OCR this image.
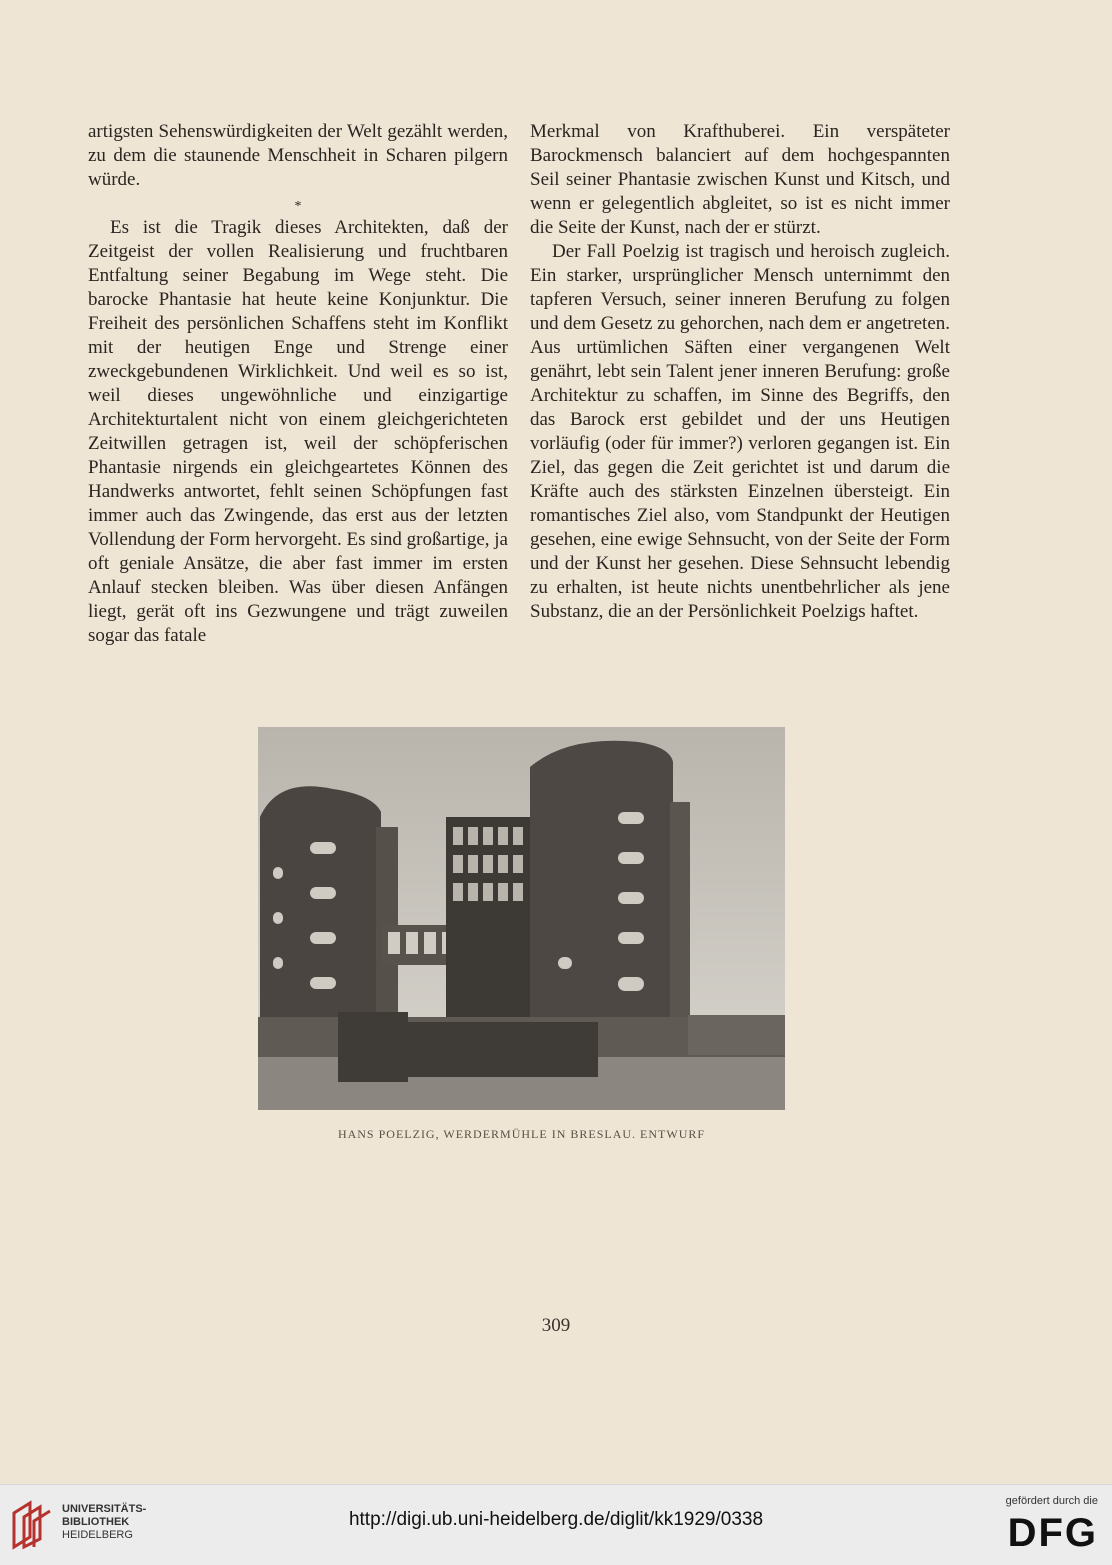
artigsten Sehenswürdigkeiten der Welt gezählt werden, zu dem die staunende Menschheit in Scharen pilgern würde.

*

Es ist die Tragik dieses Architekten, daß der Zeitgeist der vollen Realisierung und fruchtbaren Entfaltung seiner Begabung im Wege steht. Die barocke Phantasie hat heute keine Konjunktur. Die Freiheit des persönlichen Schaffens steht im Konflikt mit der heutigen Enge und Strenge einer zweckgebundenen Wirklichkeit. Und weil es so ist, weil dieses ungewöhnliche und einzigartige Architekturtalent nicht von einem gleichgerichteten Zeitwillen getragen ist, weil der schöpferischen Phantasie nirgends ein gleichgeartetes Können des Handwerks antwortet, fehlt seinen Schöpfungen fast immer auch das Zwingende, das erst aus der letzten Vollendung der Form hervorgeht. Es sind großartige, ja oft geniale Ansätze, die aber fast immer im ersten Anlauf stecken bleiben. Was über diesen Anfängen liegt, gerät oft ins Gezwungene und trägt zuweilen sogar das fatale

Merkmal von Krafthuberei. Ein verspäteter Barockmensch balanciert auf dem hochgespannten Seil seiner Phantasie zwischen Kunst und Kitsch, und wenn er gelegentlich abgleitet, so ist es nicht immer die Seite der Kunst, nach der er stürzt.

Der Fall Poelzig ist tragisch und heroisch zugleich. Ein starker, ursprünglicher Mensch unternimmt den tapferen Versuch, seiner inneren Berufung zu folgen und dem Gesetz zu gehorchen, nach dem er angetreten. Aus urtümlichen Säften einer vergangenen Welt genährt, lebt sein Talent jener inneren Berufung: große Architektur zu schaffen, im Sinne des Begriffs, den das Barock erst gebildet und der uns Heutigen vorläufig (oder für immer?) verloren gegangen ist. Ein Ziel, das gegen die Zeit gerichtet ist und darum die Kräfte auch des stärksten Einzelnen übersteigt. Ein romantisches Ziel also, vom Standpunkt der Heutigen gesehen, eine ewige Sehnsucht, von der Seite der Form und der Kunst her gesehen. Diese Sehnsucht lebendig zu erhalten, ist heute nichts unentbehrlicher als jene Substanz, die an der Persönlichkeit Poelzigs haftet.

HANS POELZIG, WERDERMÜHLE IN BRESLAU. ENTWURF
309
UNIVERSITÄTS-
BIBLIOTHEK
HEIDELBERG
http://digi.ub.uni-heidelberg.de/diglit/kk1929/0338
gefördert durch die
DFG
